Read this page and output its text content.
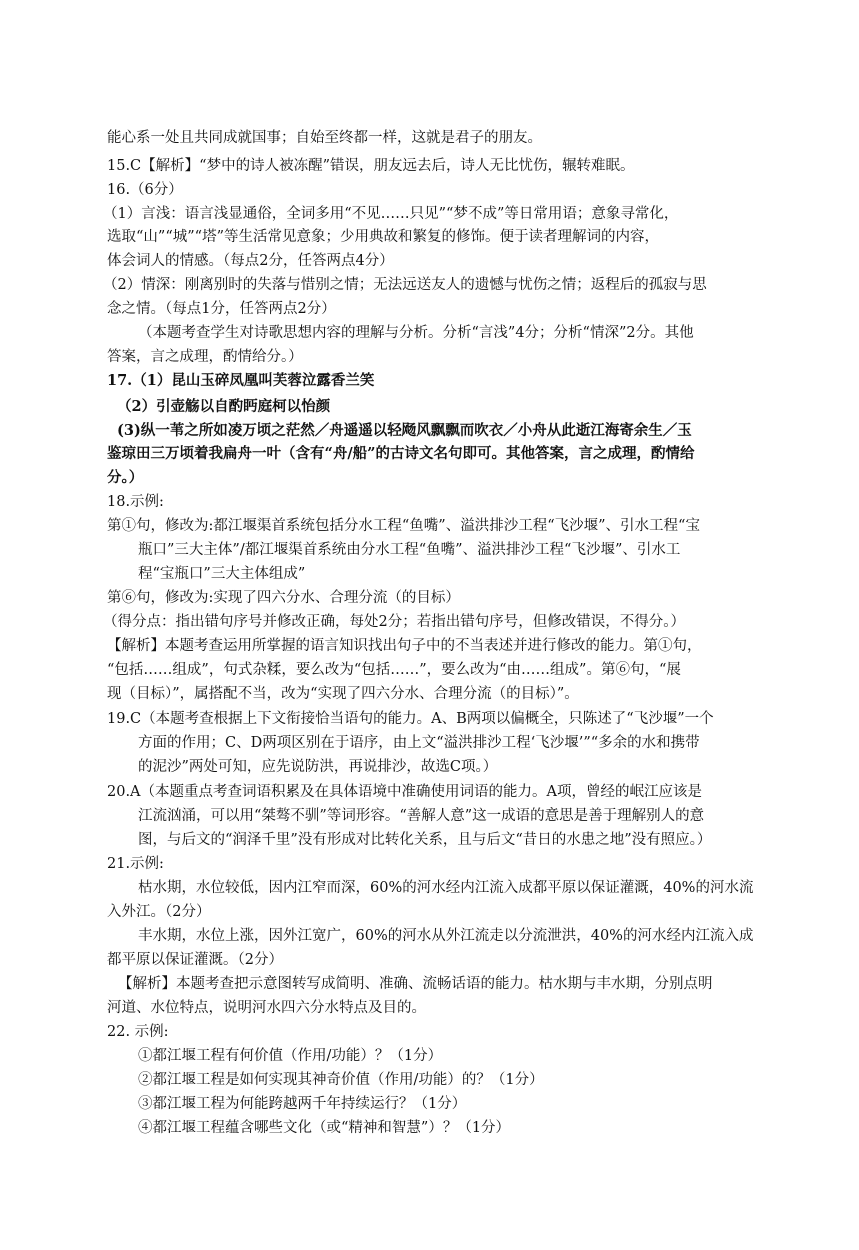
能心系一处且共同成就国事；自始至终都一样，这就是君子的朋友。
15.C【解析】“梦中的诗人被冻醒”错误，朋友远去后，诗人无比忧伤，辗转难眠。
16.（6分）
（1）言浅：语言浅显通俗，全词多用“不见……只见”“梦不成”等日常用语；意象寻常化，
选取“山”“城”“塔”等生活常见意象；少用典故和繁复的修饰。便于读者理解词的内容，
体会词人的情感。（每点2分，任答两点4分）
（2）情深：刚离别时的失落与惜别之情；无法远送友人的遗憾与忧伤之情；返程后的孤寂与思
念之情。（每点1分，任答两点2分）
（本题考查学生对诗歌思想内容的理解与分析。分析“言浅”4分；分析“情深”2分。其他
答案，言之成理，酌情给分。）
17.（1）昆山玉碎凤凰叫芙蓉泣露香兰笑
（2）引壶觞以自酌眄庭柯以怡颜
(3)纵一苇之所如凌万顷之茫然／舟遥遥以轻飏风飘飘而吹衣／小舟从此逝江海寄余生／玉
鉴琼田三万顷着我扁舟一叶（含有“舟/船”的古诗文名句即可。其他答案，言之成理，酌情给
分。）
18.示例:
第①句，修改为:都江堰渠首系统包括分水工程“鱼嘴”、溢洪排沙工程“飞沙堰”、引水工程“宝
瓶口”三大主体”/都江堰渠首系统由分水工程“鱼嘴”、溢洪排沙工程“飞沙堰”、引水工
程“宝瓶口”三大主体组成”
第⑥句，修改为:实现了四六分水、合理分流（的目标）
（得分点：指出错句序号并修改正确，每处2分；若指出错句序号，但修改错误，不得分。）
【解析】本题考查运用所掌握的语言知识找出句子中的不当表述并进行修改的能力。第①句，
“包括……组成”，句式杂糅，要么改为“包括……”，要么改为“由……组成”。第⑥句，“展
现（目标）”，属搭配不当，改为“实现了四六分水、合理分流（的目标）”。
19.C（本题考查根据上下文衔接恰当语句的能力。A、B两项以偏概全，只陈述了“飞沙堰”一个
方面的作用；C、D两项区别在于语序，由上文“溢洪排沙工程‘飞沙堰’”“多余的水和携带
的泥沙”两处可知，应先说防洪，再说排沙，故选C项。）
20.A（本题重点考查词语积累及在具体语境中准确使用词语的能力。A项，曾经的岷江应该是
江流汹涌，可以用“桀骜不驯”等词形容。“善解人意”这一成语的意思是善于理解别人的意
图，与后文的“润泽千里”没有形成对比转化关系，且与后文“昔日的水患之地”没有照应。）
21.示例:
枯水期，水位较低，因内江窄而深，60%的河水经内江流入成都平原以保证灌溉，40%的河水流
入外江。（2分）
丰水期，水位上涨，因外江宽广，60%的河水从外江流走以分流泄洪，40%的河水经内江流入成
都平原以保证灌溉。（2分）
【解析】本题考查把示意图转写成简明、准确、流畅话语的能力。枯水期与丰水期，分别点明
河道、水位特点，说明河水四六分水特点及目的。
22. 示例:
①都江堰工程有何价值（作用/功能）？（1分）
②都江堰工程是如何实现其神奇价值（作用/功能）的？（1分）
③都江堰工程为何能跨越两千年持续运行？（1分）
④都江堰工程蕴含哪些文化（或“精神和智慧”）？（1分）
